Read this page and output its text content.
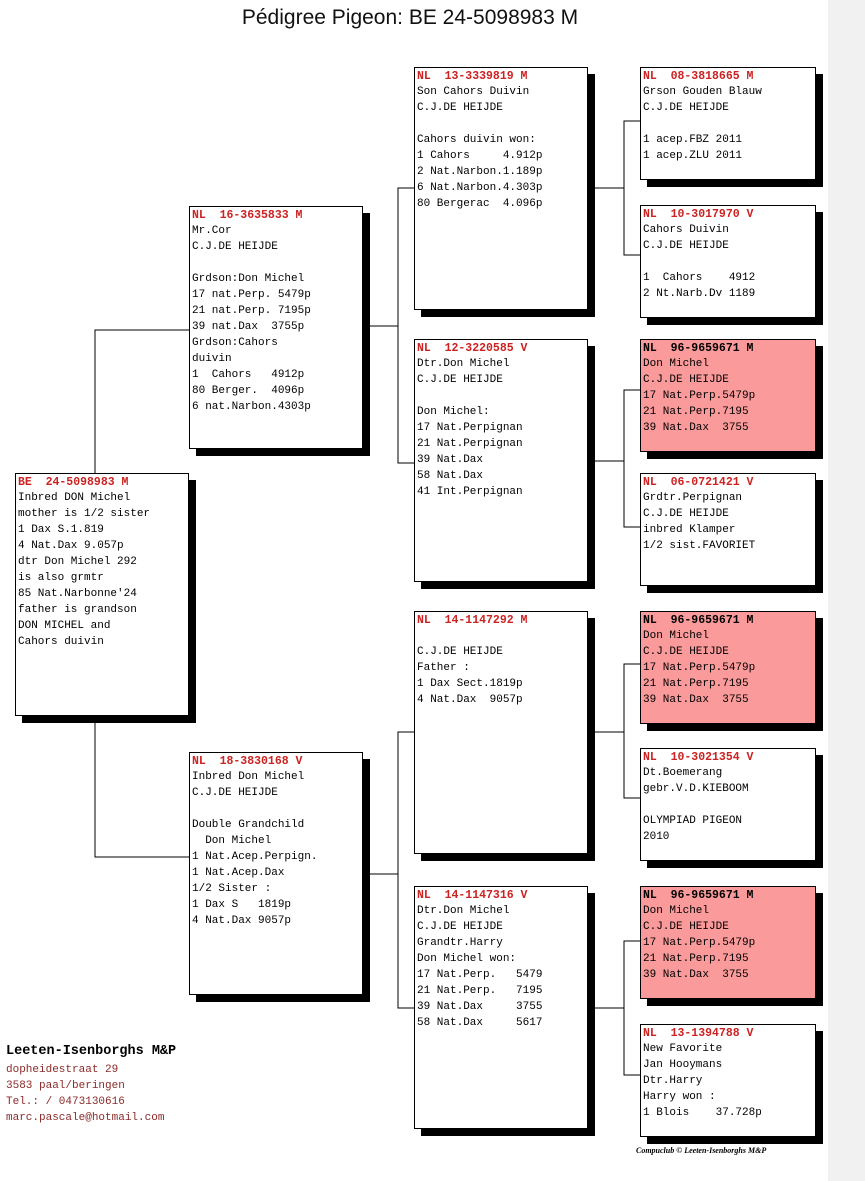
Pédigree Pigeon: BE 24-5098983 M
BE  24-5098983 M
Inbred DON Michel
mother is 1/2 sister
1 Dax S.1.819
4 Nat.Dax 9.057p
dtr Don Michel 292
is also grmtr
85 Nat.Narbonne'24
father is grandson
DON MICHEL and
Cahors duivin
NL  16-3635833 M
Mr.Cor
C.J.DE HEIJDE
Grdson:Don Michel
17 nat.Perp. 5479p
21 nat.Perp. 7195p
39 nat.Dax  3755p
Grdson:Cahors
duivin
1  Cahors   4912p
80 Berger.  4096p
6 nat.Narbon.4303p
NL  18-3830168 V
Inbred Don Michel
C.J.DE HEIJDE
Double Grandchild
Don Michel
1 Nat.Acep.Perpign.
1 Nat.Acep.Dax
1/2 Sister :
1 Dax S   1819p
4 Nat.Dax 9057p
NL  13-3339819 M
Son Cahors Duivin
C.J.DE HEIJDE
Cahors duivin won:
1 Cahors     4.912p
2 Nat.Narbon.1.189p
6 Nat.Narbon.4.303p
80 Bergerac  4.096p
NL  12-3220585 V
Dtr.Don Michel
C.J.DE HEIJDE
Don Michel:
17 Nat.Perpignan
21 Nat.Perpignan
39 Nat.Dax
58 Nat.Dax
41 Int.Perpignan
NL  14-1147292 M
C.J.DE HEIJDE
Father :
1 Dax Sect.1819p
4 Nat.Dax  9057p
NL  14-1147316 V
Dtr.Don Michel
C.J.DE HEIJDE
Grandtr.Harry
Don Michel won:
17 Nat.Perp.   5479
21 Nat.Perp.   7195
39 Nat.Dax     3755
58 Nat.Dax     5617
NL  08-3818665 M
Grson Gouden Blauw
C.J.DE HEIJDE
1 acep.FBZ 2011
1 acep.ZLU 2011
NL  10-3017970 V
Cahors Duivin
C.J.DE HEIJDE
1  Cahors    4912
2 Nt.Narb.Dv 1189
NL  96-9659671 M
Don Michel
C.J.DE HEIJDE
17 Nat.Perp.5479p
21 Nat.Perp.7195
39 Nat.Dax  3755
NL  06-0721421 V
Grdtr.Perpignan
C.J.DE HEIJDE
inbred Klamper
1/2 sist.FAVORIET
NL  96-9659671 M
Don Michel
C.J.DE HEIJDE
17 Nat.Perp.5479p
21 Nat.Perp.7195
39 Nat.Dax  3755
NL  10-3021354 V
Dt.Boemerang
gebr.V.D.KIEBOOM
OLYMPIAD PIGEON
2010
NL  96-9659671 M
Don Michel
C.J.DE HEIJDE
17 Nat.Perp.5479p
21 Nat.Perp.7195
39 Nat.Dax  3755
NL  13-1394788 V
New Favorite
Jan Hooymans
Dtr.Harry
Harry won :
1 Blois    37.728p
Leeten-Isenborghs M&P
dopheidestraat 29
3583 paal/beringen
Tel.: / 0473130616
marc.pascale@hotmail.com
Compuclub © Leeten-Isenborghs M&P
